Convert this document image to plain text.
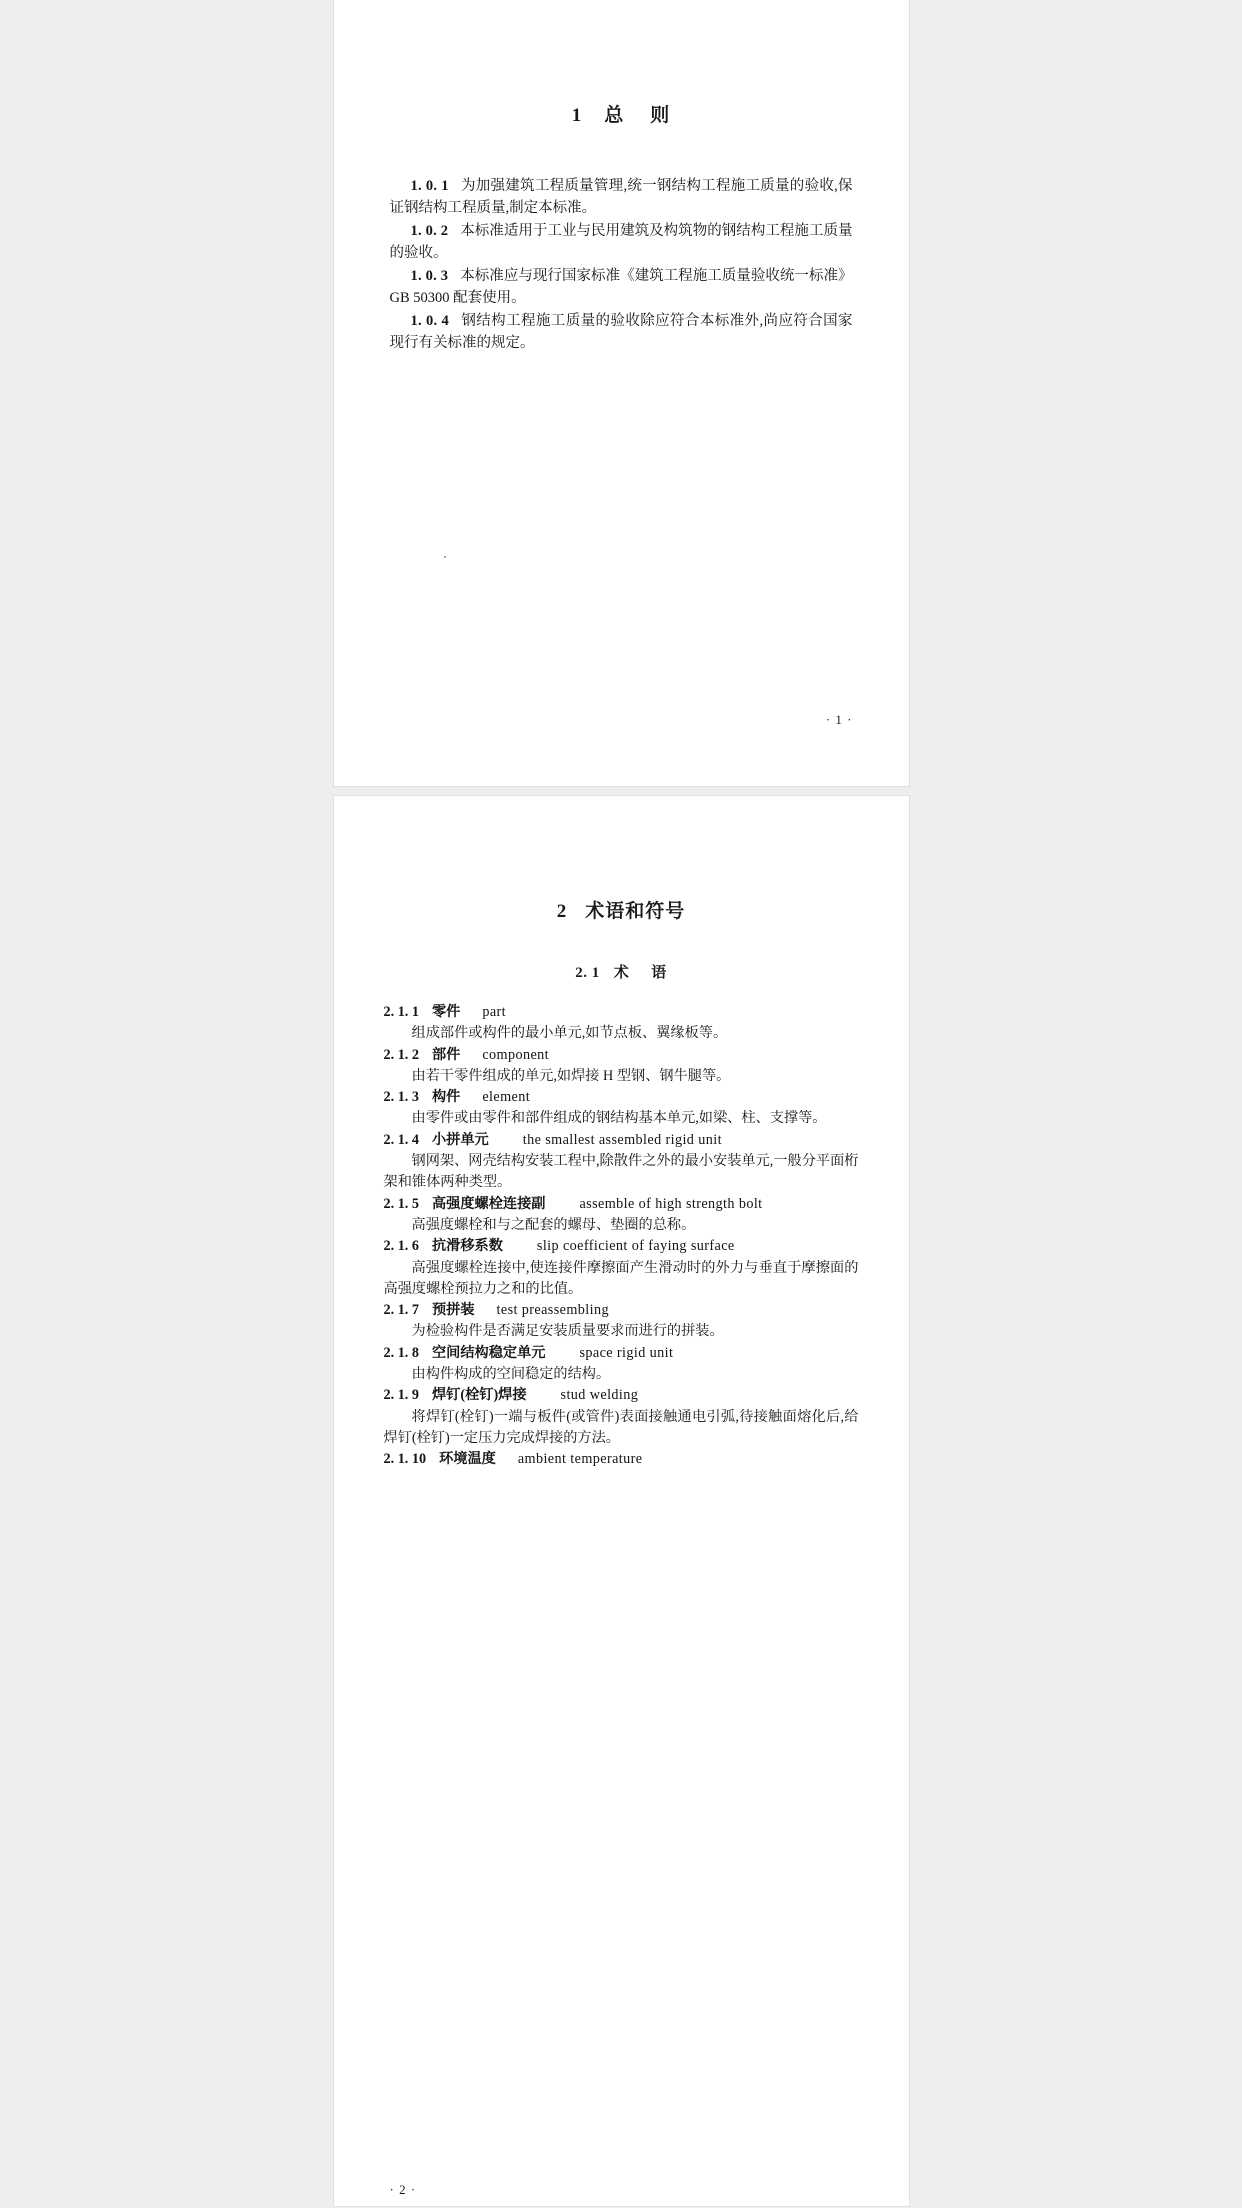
1 总 则

1. 0. 1 为加强建筑工程质量管理,统一钢结构工程施工质量的验收,保证钢结构工程质量,制定本标准。

1. 0. 2 本标准适用于工业与民用建筑及构筑物的钢结构工程施工质量的验收。

1. 0. 3 本标准应与现行国家标准《建筑工程施工质量验收统一标准》GB 50300 配套使用。

1. 0. 4 钢结构工程施工质量的验收除应符合本标准外,尚应符合国家现行有关标准的规定。

· 1 ·
2 术语和符号
2. 1 术 语

2. 1. 1 零件 part

组成部件或构件的最小单元,如节点板、翼缘板等。

2. 1. 2 部件 component

由若干零件组成的单元,如焊接 H 型钢、钢牛腿等。

2. 1. 3 构件 element

由零件或由零件和部件组成的钢结构基本单元,如梁、柱、支撑等。

2. 1. 4 小拼单元 the smallest assembled rigid unit

钢网架、网壳结构安装工程中,除散件之外的最小安装单元,一般分平面桁架和锥体两种类型。

2. 1. 5 高强度螺栓连接副 assemble of high strength bolt

高强度螺栓和与之配套的螺母、垫圈的总称。

2. 1. 6 抗滑移系数 slip coefficient of faying surface

高强度螺栓连接中,使连接件摩擦面产生滑动时的外力与垂直于摩擦面的高强度螺栓预拉力之和的比值。

2. 1. 7 预拼装 test preassembling

为检验构件是否满足安装质量要求而进行的拼装。

2. 1. 8 空间结构稳定单元 space rigid unit

由构件构成的空间稳定的结构。

2. 1. 9 焊钉(栓钉)焊接 stud welding

将焊钉(栓钉)一端与板件(或管件)表面接触通电引弧,待接触面熔化后,给焊钉(栓钉)一定压力完成焊接的方法。

2. 1. 10 环境温度 ambient temperature

· 2 ·
